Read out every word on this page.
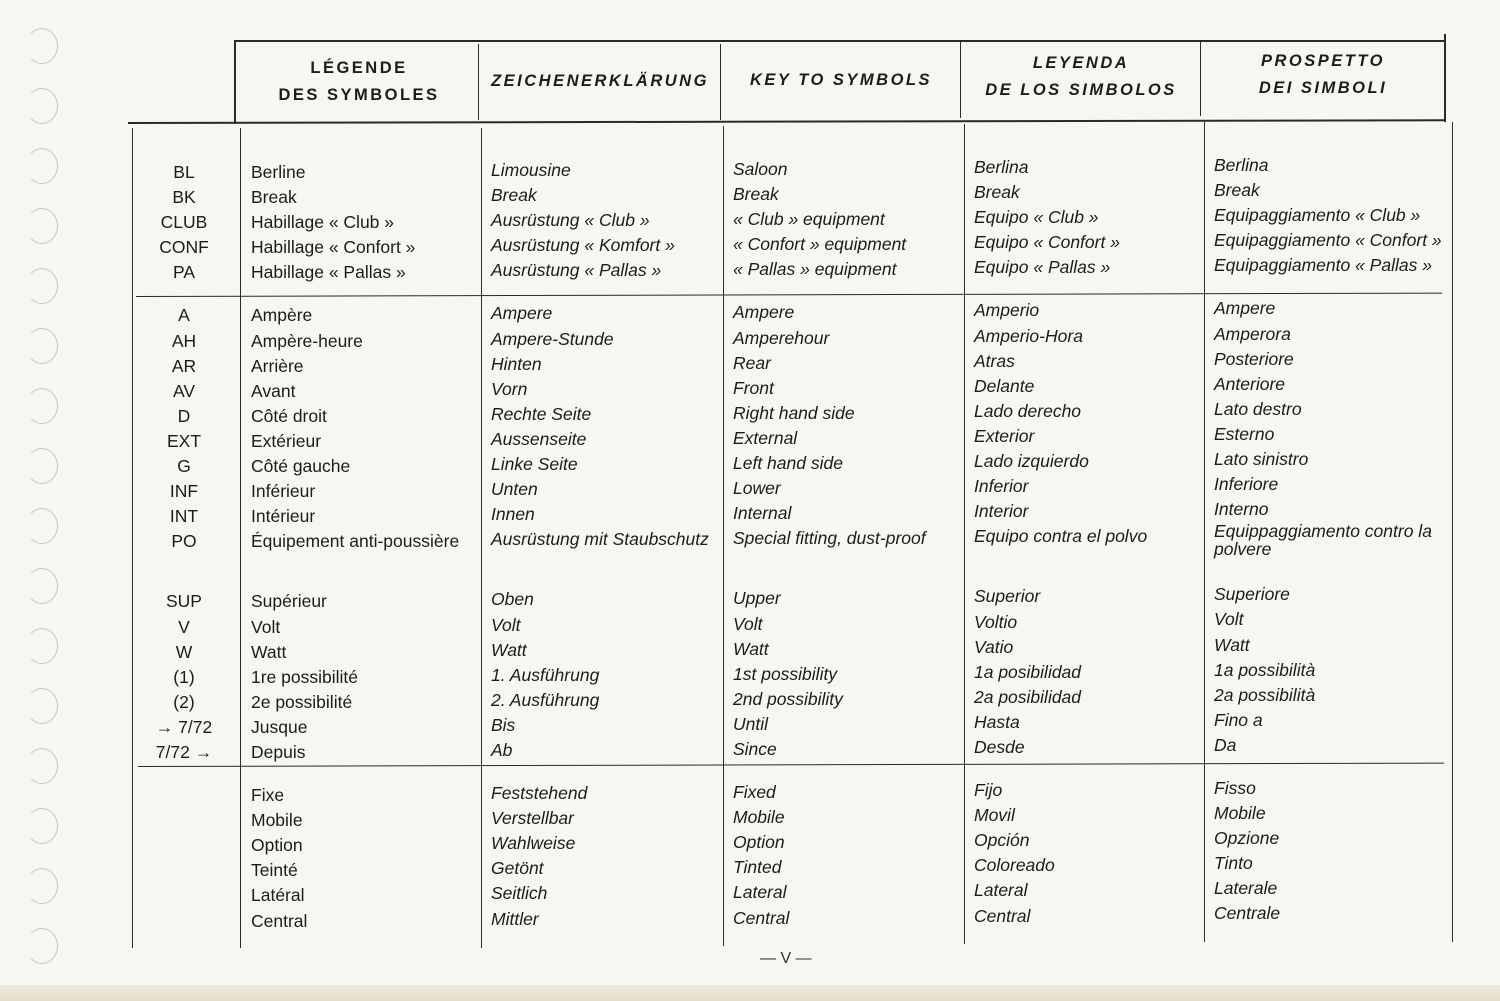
LÉGENDE
DES SYMBOLES
ZEICHENERKLÄRUNG	KEY TO SYMBOLS
LEYENDA
DE LOS SIMBOLOS
PROSPETTO
DEI SIMBOLI
BL
BK
CLUB
CONF
PA
A
AH
AR
AV
D
EXT
G
INF
INT
PO
SUP
V
W
(1)
(2)
→ 7/72
7/72 →

Berline
Break
Habillage « Club »
Habillage « Confort »
Habillage « Pallas »
Ampère
Ampère-heure
Arrière
Avant
Côté droit
Extérieur
Côté gauche
Inférieur
Intérieur
Équipement anti-poussière
Supérieur
Volt
Watt
1re possibilité
2e possibilité
Jusque
Depuis
Fixe
Mobile
Option
Teinté
Latéral
Central
Limousine
Break
Ausrüstung « Club »
Ausrüstung « Komfort »
Ausrüstung « Pallas »
Ampere
Ampere-Stunde
Hinten
Vorn
Rechte Seite
Aussenseite
Linke Seite
Unten
Innen
Ausrüstung mit Staubschutz
Oben
Volt
Watt
1. Ausführung
2. Ausführung
Bis
Ab
Feststehend
Verstellbar
Wahlweise
Getönt
Seitlich
Mittler
Saloon
Break
« Club » equipment
« Confort » equipment
« Pallas » equipment
Ampere
Amperehour
Rear
Front
Right hand side
External
Left hand side
Lower
Internal
Special fitting, dust-proof
Upper
Volt
Watt
1st possibility
2nd possibility
Until
Since
Fixed
Mobile
Option
Tinted
Lateral
Central
Berlina
Break
Equipo « Club »
Equipo « Confort »
Equipo « Pallas »
Amperio
Amperio-Hora
Atras
Delante
Lado derecho
Exterior
Lado izquierdo
Inferior
Interior
Equipo contra el polvo
Superior
Voltio
Vatio
1a posibilidad
2a posibilidad
Hasta
Desde
Fijo
Movil
Opción
Coloreado
Lateral
Central
Berlina
Break
Equipaggiamento « Club »
Equipaggiamento « Confort »
Equipaggiamento « Pallas »
Ampere
Amperora
Posteriore
Anteriore
Lato destro
Esterno
Lato sinistro
Inferiore
Interno
Equippaggiamento contro la polvere
Superiore
Volt
Watt
1a possibilità
2a possibilità
Fino a
Da
Fisso
Mobile
Opzione
Tinto
Laterale
Centrale
— V —
